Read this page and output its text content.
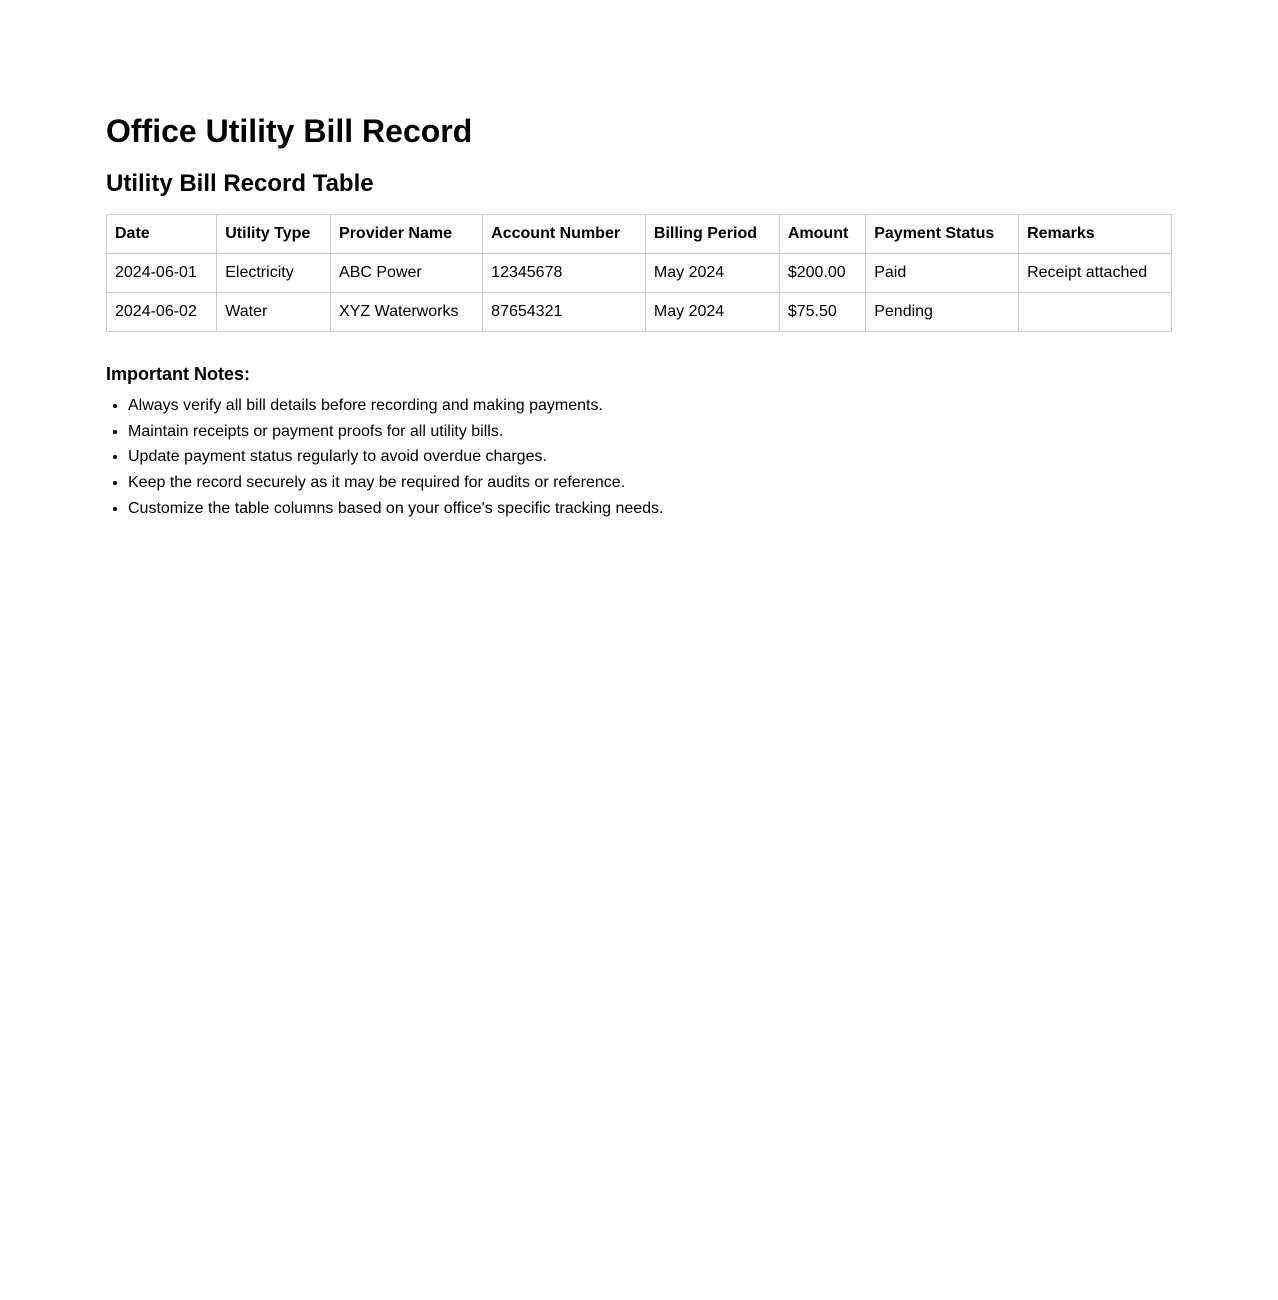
Office Utility Bill Record
Utility Bill Record Table
Date	Utility Type	Provider Name	Account Number	Billing Period	Amount	Payment Status	Remarks
2024-06-01	Electricity	ABC Power	12345678	May 2024	$200.00	Paid	Receipt attached
2024-06-02	Water	XYZ Waterworks	87654321	May 2024	$75.50	Pending	

Important Notes:

• Always verify all bill details before recording and making payments.
• Maintain receipts or payment proofs for all utility bills.
• Update payment status regularly to avoid overdue charges.
• Keep the record securely as it may be required for audits or reference.
• Customize the table columns based on your office's specific tracking needs.
